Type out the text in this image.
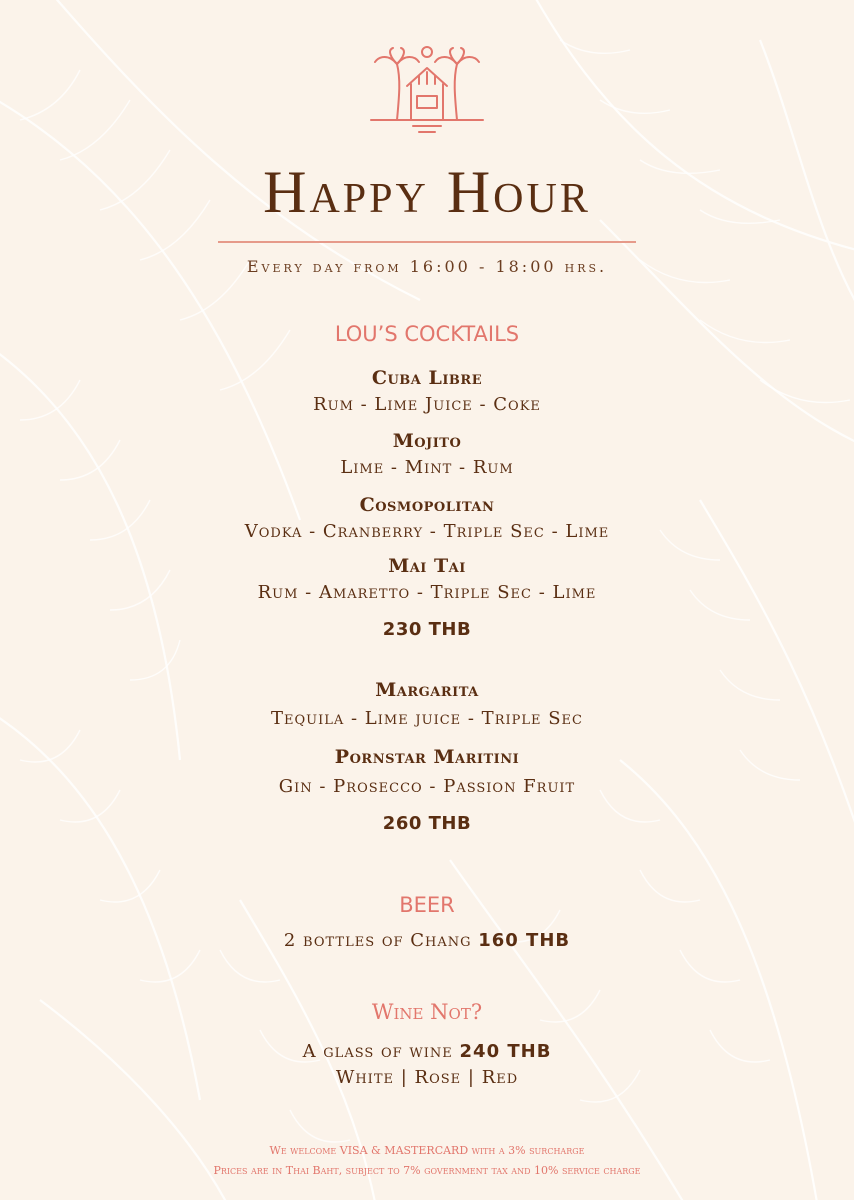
Happy Hour
Every day from 16:00 - 18:00 hrs.
LOU’S COCKTAILS
Cuba Libre
Rum - Lime Juice - Coke
Mojito
Lime - Mint - Rum
Cosmopolitan
Vodka - Cranberry - Triple Sec - Lime
Mai Tai
Rum - Amaretto - Triple Sec - Lime
230 THB
Margarita
Tequila - Lime juice - Triple Sec
Pornstar Maritini
Gin - Prosecco - Passion Fruit
260 THB
BEER
2 bottles of Chang 160 THB
Wine Not?
A glass of wine 240 THB
White | Rose | Red
We welcome VISA & MASTERCARD with a 3% surcharge
Prices are in Thai Baht, subject to 7% government tax and 10% service charge
